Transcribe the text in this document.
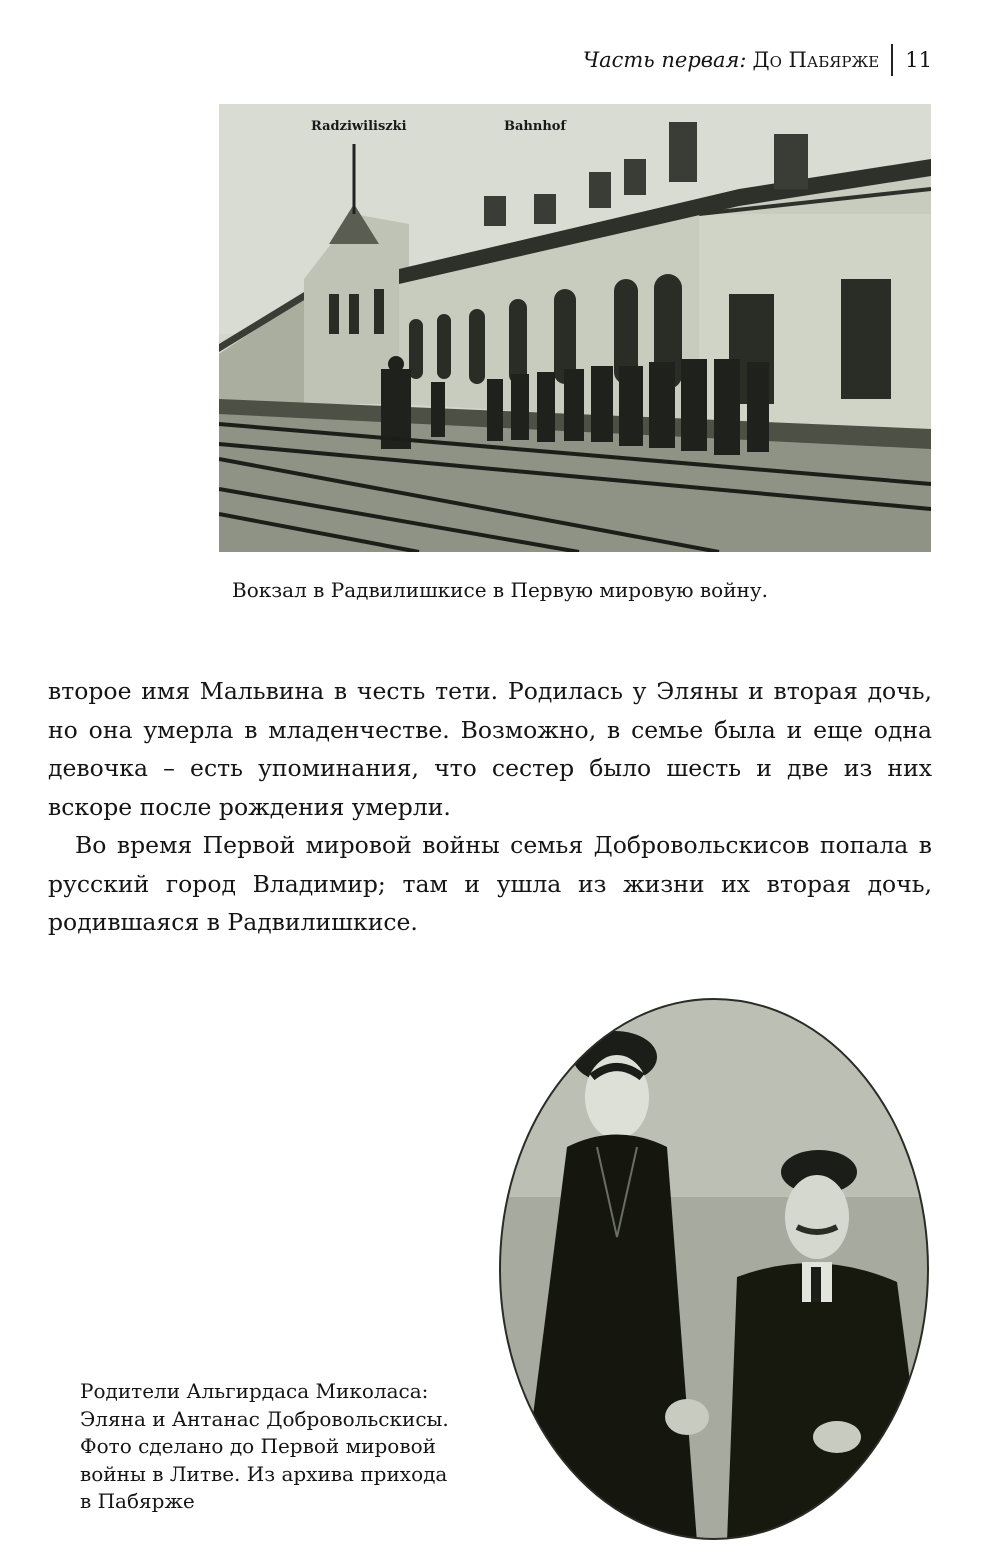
Часть первая: До Пабярже 11
Radziwiliszki	Bahnhof
Вокзал в Радвилишкисе в Первую мировую войну.

второе имя Мальвина в честь тети. Родилась у Эляны и вторая дочь, но она умерла в младенчестве. Возможно, в семье была и еще одна девочка – есть упоминания, что сестер было шесть и две из них вскоре после рождения умерли.

Во время Первой мировой войны семья Добровольскисов попала в русский город Владимир; там и ушла из жизни их вторая дочь, родившаяся в Радвилишкисе.

Родители Альгирдаса Миколаса:
Эляна и Антанас Добровольскисы.
Фото сделано до Первой мировой
войны в Литве. Из архива прихода
в Пабярже
